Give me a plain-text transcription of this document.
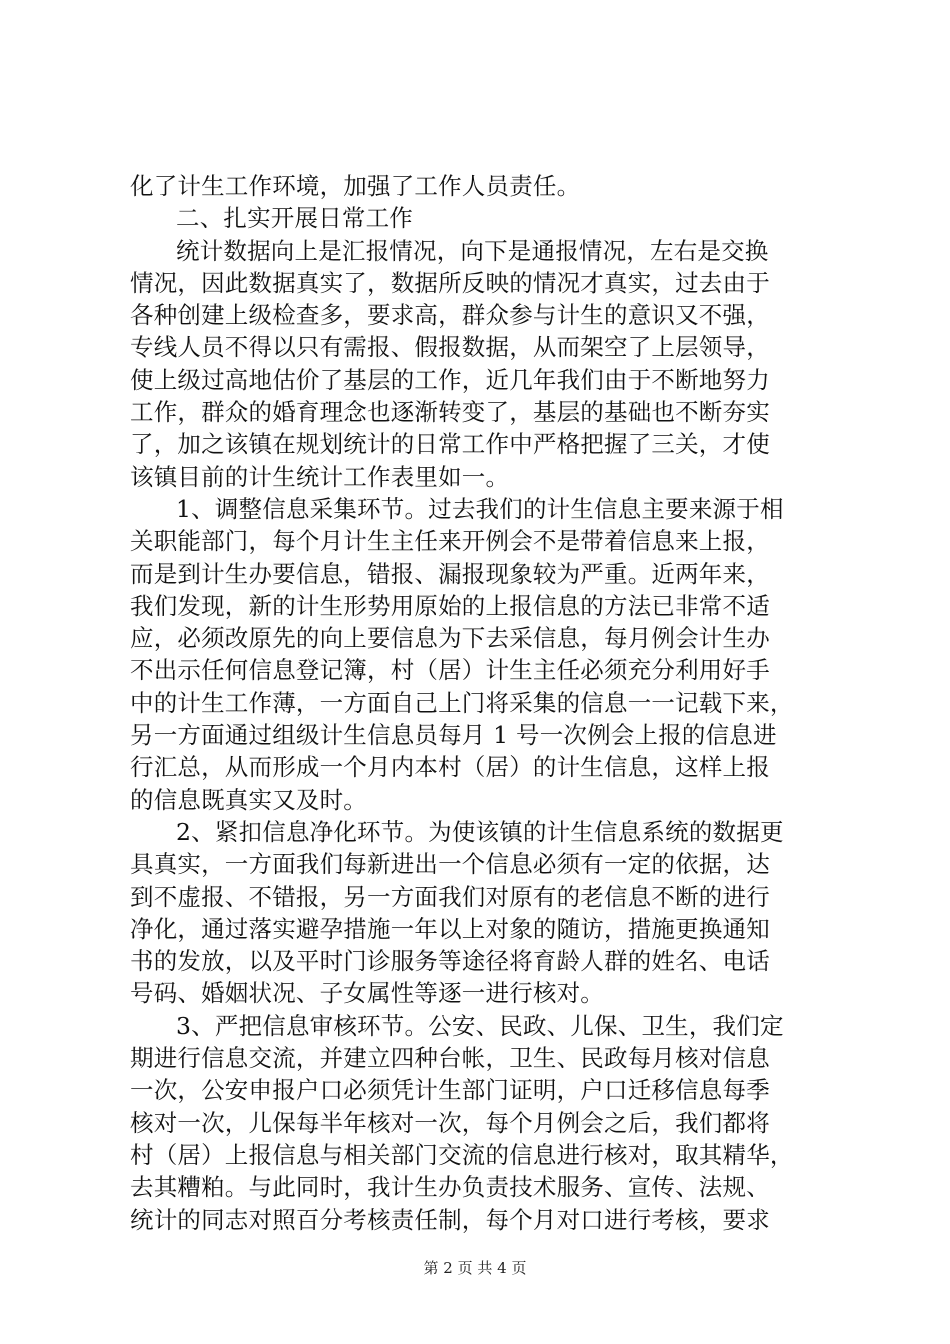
化了计生工作环境，加强了工作人员责任。
二、扎实开展日常工作
统计数据向上是汇报情况，向下是通报情况，左右是交换
情况，因此数据真实了，数据所反映的情况才真实，过去由于
各种创建上级检查多，要求高，群众参与计生的意识又不强，
专线人员不得以只有需报、假报数据，从而架空了上层领导，
使上级过高地估价了基层的工作，近几年我们由于不断地努力
工作，群众的婚育理念也逐渐转变了，基层的基础也不断夯实
了，加之该镇在规划统计的日常工作中严格把握了三关，才使
该镇目前的计生统计工作表里如一。
1、调整信息采集环节。过去我们的计生信息主要来源于相
关职能部门，每个月计生主任来开例会不是带着信息来上报，
而是到计生办要信息，错报、漏报现象较为严重。近两年来，
我们发现，新的计生形势用原始的上报信息的方法已非常不适
应，必须改原先的向上要信息为下去采信息，每月例会计生办
不出示任何信息登记簿，村（居）计生主任必须充分利用好手
中的计生工作薄，一方面自己上门将采集的信息一一记载下来，
另一方面通过组级计生信息员每月 1 号一次例会上报的信息进
行汇总，从而形成一个月内本村（居）的计生信息，这样上报
的信息既真实又及时。
2、紧扣信息净化环节。为使该镇的计生信息系统的数据更
具真实，一方面我们每新进出一个信息必须有一定的依据，达
到不虚报、不错报，另一方面我们对原有的老信息不断的进行
净化，通过落实避孕措施一年以上对象的随访，措施更换通知
书的发放，以及平时门诊服务等途径将育龄人群的姓名、电话
号码、婚姻状况、子女属性等逐一进行核对。
3、严把信息审核环节。公安、民政、儿保、卫生，我们定
期进行信息交流，并建立四种台帐，卫生、民政每月核对信息
一次，公安申报户口必须凭计生部门证明，户口迁移信息每季
核对一次，儿保每半年核对一次，每个月例会之后，我们都将
村（居）上报信息与相关部门交流的信息进行核对，取其精华，
去其糟粕。与此同时，我计生办负责技术服务、宣传、法规、
统计的同志对照百分考核责任制，每个月对口进行考核，要求
第 2 页 共 4 页
